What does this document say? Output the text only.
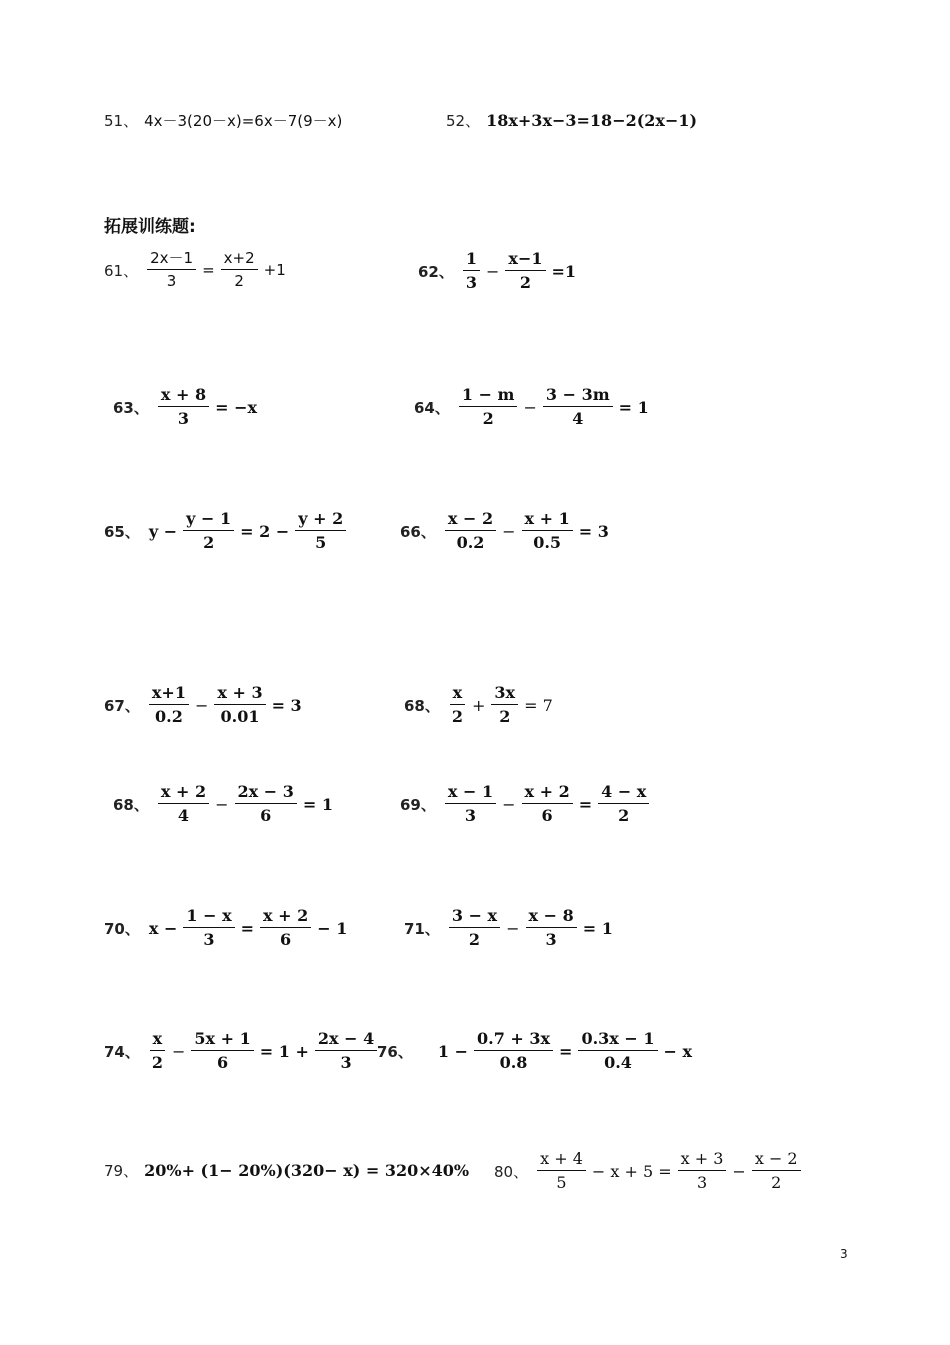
51、 4x－3(20－x)=6x－7(9－x)	52、 18x+3x−3=18−2(2x−1)
拓展训练题:
61、 $\frac{2x-1}{3} = \frac{x+2}{2} +1$	62、 $\frac{1}{3} - \frac{x-1}{2} =1$
63、 $\frac{x + 8}{3} = -x$	64、 $\frac{1 - m}{2} - \frac{3 - 3m}{4} = 1$
65、 $y - \frac{y - 1}{2} = 2 - \frac{y + 2}{5}$	66、 $\frac{x - 2}{0.2} - \frac{x + 1}{0.5} = 3$
67、 $\frac{x+1}{0.2} - \frac{x + 3}{0.01} = 3$	68、 $\frac{x}{2} + \frac{3x}{2} = 7$
68、 $\frac{x + 2}{4} - \frac{2x - 3}{6} = 1$	69、 $\frac{x - 1}{3} - \frac{x + 2}{6} = \frac{4 - x}{2}$
70、 $x - \frac{1 - x}{3} = \frac{x + 2}{6} - 1$	71、 $\frac{3 - x}{2} - \frac{x - 8}{3} = 1$
74、 $\frac{x}{2} - \frac{5x + 1}{6} = 1 + \frac{2x - 4}{3} 76$、 $1 - \frac{0.7 + 3x}{0.8} = \frac{0.3x - 1}{0.4} - x$
79、 20%+ (1− 20%)(320− x) = 320×40% 80、 $\frac{x + 4}{5} - x + 5 = \frac{x + 3}{3} - \frac{x - 2}{2}$
3
